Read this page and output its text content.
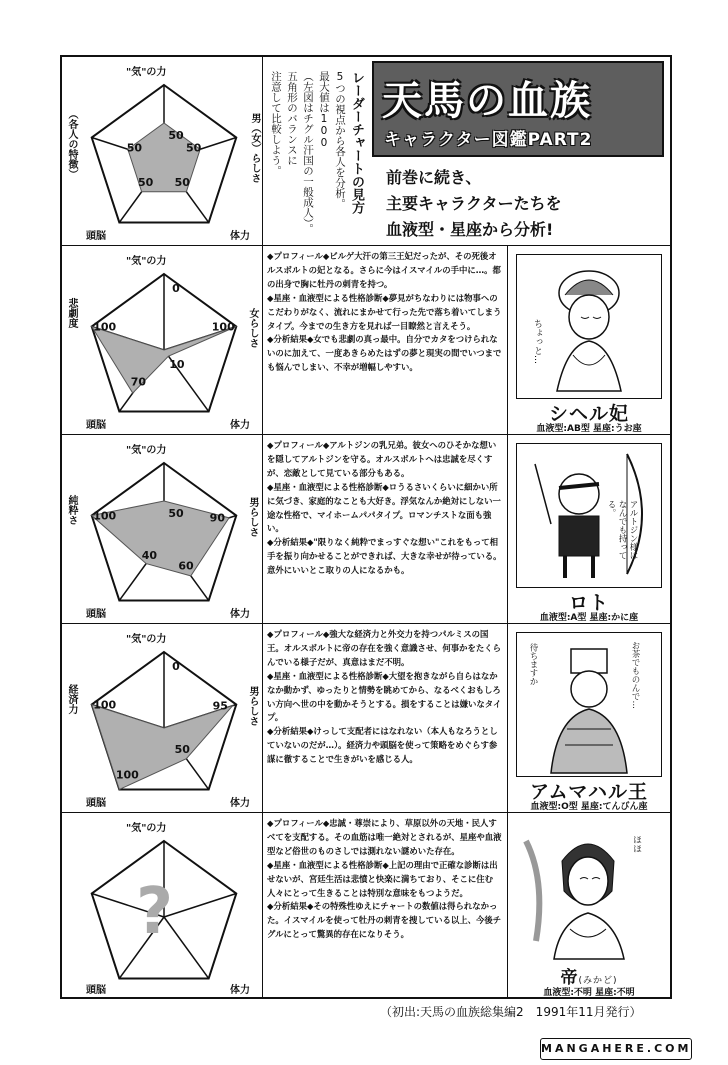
50
50
50
50
50
"気"の力
男（女）らしさ
体力
頭脳
（各人の特徴）	レーダーチャートの見方
5つの視点から各人を分析。
最大値は100
（左図はチグル汗国の一般成人）。
五角形のバランスに
注意して比較しよう。	天馬の血族
キャラクター図鑑PART2
前巻に続き、
主要キャラクターたちを
血液型・星座から分析!
0
100
10
70
100
"気"の力
女らしさ
体力
頭脳
悲劇度

◆プロフィール◆ビルゲ大汗の第三王妃だったが、その死後オルスボルトの妃となる。さらに今はイスマイルの手中に…。都の出身で胸に牡丹の刺青を持つ。

◆星座・血液型による性格診断◆夢見がちなわりには物事へのこだわりがなく、流れにまかせて行った先で落ち着いてしまうタイプ。今までの生き方を見れば一目瞭然と言えそう。

◆分析結果◆女でも悲劇の真っ最中。自分でカタをつけられないのに加えて、一度あきらめたはずの夢と現実の間でいつまでも悩んでしまい、不幸が増幅しやすい。

ちょっと…
シヘル妃
血液型:AB型 星座:うお座
50 90
60
40
100
"気"の力
男らしさ
体力
頭脳
純粋さ

◆プロフィール◆アルトジンの乳兄弟。彼女へのひそかな想いを隠してアルトジンを守る。オルスボルトへは忠誠を尽くすが、恋敵として見ている部分もある。

◆星座・血液型による性格診断◆ロうるさいくらいに細かい所に気づき、家庭的なことも大好き。浮気なんか絶対にしない一途な性格で、マイホームパパタイプ。ロマンチストな面も強い。

◆分析結果◆"限りなく純粋でまっすぐな想い"これをもって相手を振り向かせることができれば、大きな幸せが待っている。意外にいいとこ取りの人になるかも。

アルトジン様はなんでも持ってる。
ロト
血液型:A型 星座:かに座
0
95
50
100
100
"気"の力
男らしさ
体力
頭脳
経済力

◆プロフィール◆強大な経済力と外交力を持つパルミスの国王。オルスボルトに帝の存在を強く意識させ、何事かをたくらんでいる様子だが、真意はまだ不明。

◆星座・血液型による性格診断◆大望を抱きながら自らはなかなか動かず、ゆったりと情勢を眺めてから、なるべくおもしろい方向へ世の中を動かそうとする。損をすることは嫌いなタイプ。

◆分析結果◆けっして支配者にはなれない（本人もなろうとしていないのだが…）。経済力や頭脳を使って策略をめぐらす参謀に徹することで生きがいを感じる人。

お茶でものんで…
待ちますか
アムマハル王
血液型:O型 星座:てんびん座
"気"の力
体力
頭脳
?

◆プロフィール◆忠誠・尊崇により、草原以外の天地・民人すべてを支配する。その血筋は唯一絶対とされるが、星座や血液型など俗世のものさしでは測れない謎めいた存在。

◆星座・血液型による性格診断◆上記の理由で正確な診断は出せないが、宮廷生活は悲憤と快楽に満ちており、そこに住む人々にとって生きることは特別な意味をもつようだ。

◆分析結果◆その特殊性ゆえにチャートの数値は得られなかった。イスマイルを使って牡丹の刺青を捜している以上、今後チグルにとって驚異的存在になりそう。

ほほ
帝(みかど)
血液型:不明 星座:不明
（初出:天馬の血族総集編2　1991年11月発行）
MANGAHERE.COM
